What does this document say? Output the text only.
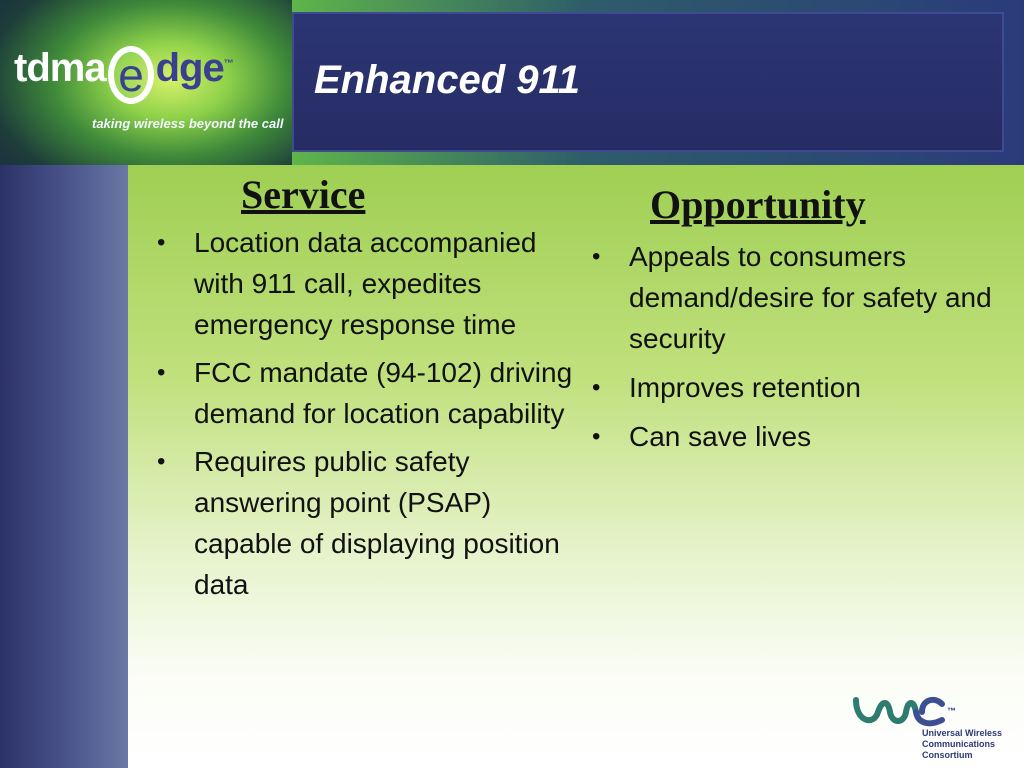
tdma e dge™
taking wireless beyond the call
Enhanced 911
Service
• Location data accompanied with 911 call, expedites emergency response time
• FCC mandate (94-102) driving demand for location capability
• Requires public safety answering point (PSAP) capable of displaying position data
Opportunity
• Appeals to consumers demand/desire for safety and security
• Improves retention
• Can save lives
™
Universal Wireless
Communications
Consortium
